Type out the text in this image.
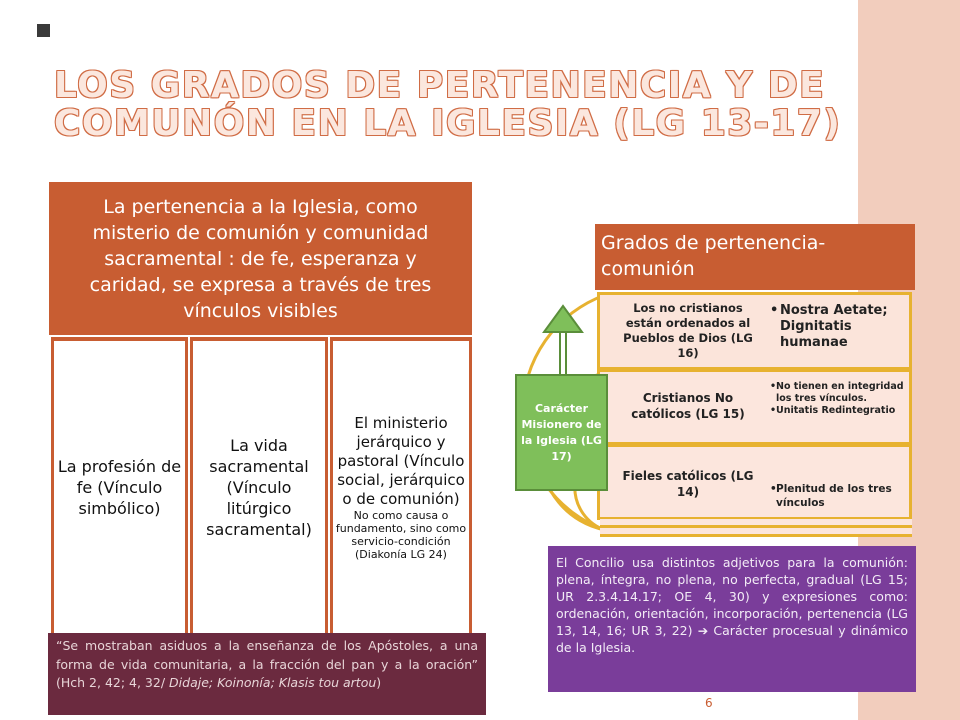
LOS GRADOS DE PERTENENCIA Y DE COMUNÓN EN LA IGLESIA (LG 13-17)
La pertenencia a la Iglesia, como misterio de comunión y comunidad sacramental : de fe, esperanza y caridad, se expresa a través de tres vínculos visibles
La profesión de fe (Vínculo simbólico)
La vida sacramental (Vínculo litúrgico sacramental)
El ministerio jerárquico y pastoral (Vínculo social, jerárquico o de comunión)
No como causa o fundamento, sino como servicio-condición (Diakonía LG 24)
“Se mostraban asiduos a la enseñanza de los Apóstoles, a una forma de vida comunitaria, a la fracción del pan y a la oración” (Hch 2, 42; 4, 32/ Didaje; Koinonía; Klasis tou artou)
Grados de pertenencia-comunión
Los no cristianos están ordenados al Pueblos de Dios (LG 16)
• Nostra Aetate; Dignitatis humanae
Cristianos No católicos (LG 15)
• No tienen en integridad los tres vínculos.
• Unitatis Redintegratio
Fieles católicos (LG 14)	• Plenitud de los tres vínculos
Carácter Misionero de la Iglesia (LG 17)
El Concilio usa distintos adjetivos para la comunión: plena, íntegra, no plena, no perfecta, gradual (LG 15; UR 2.3.4.14.17; OE 4, 30) y expresiones como: ordenación, orientación, incorporación, pertenencia (LG 13, 14, 16; UR 3, 22) ➔ Carácter procesual y dinámico de la Iglesia.
6
